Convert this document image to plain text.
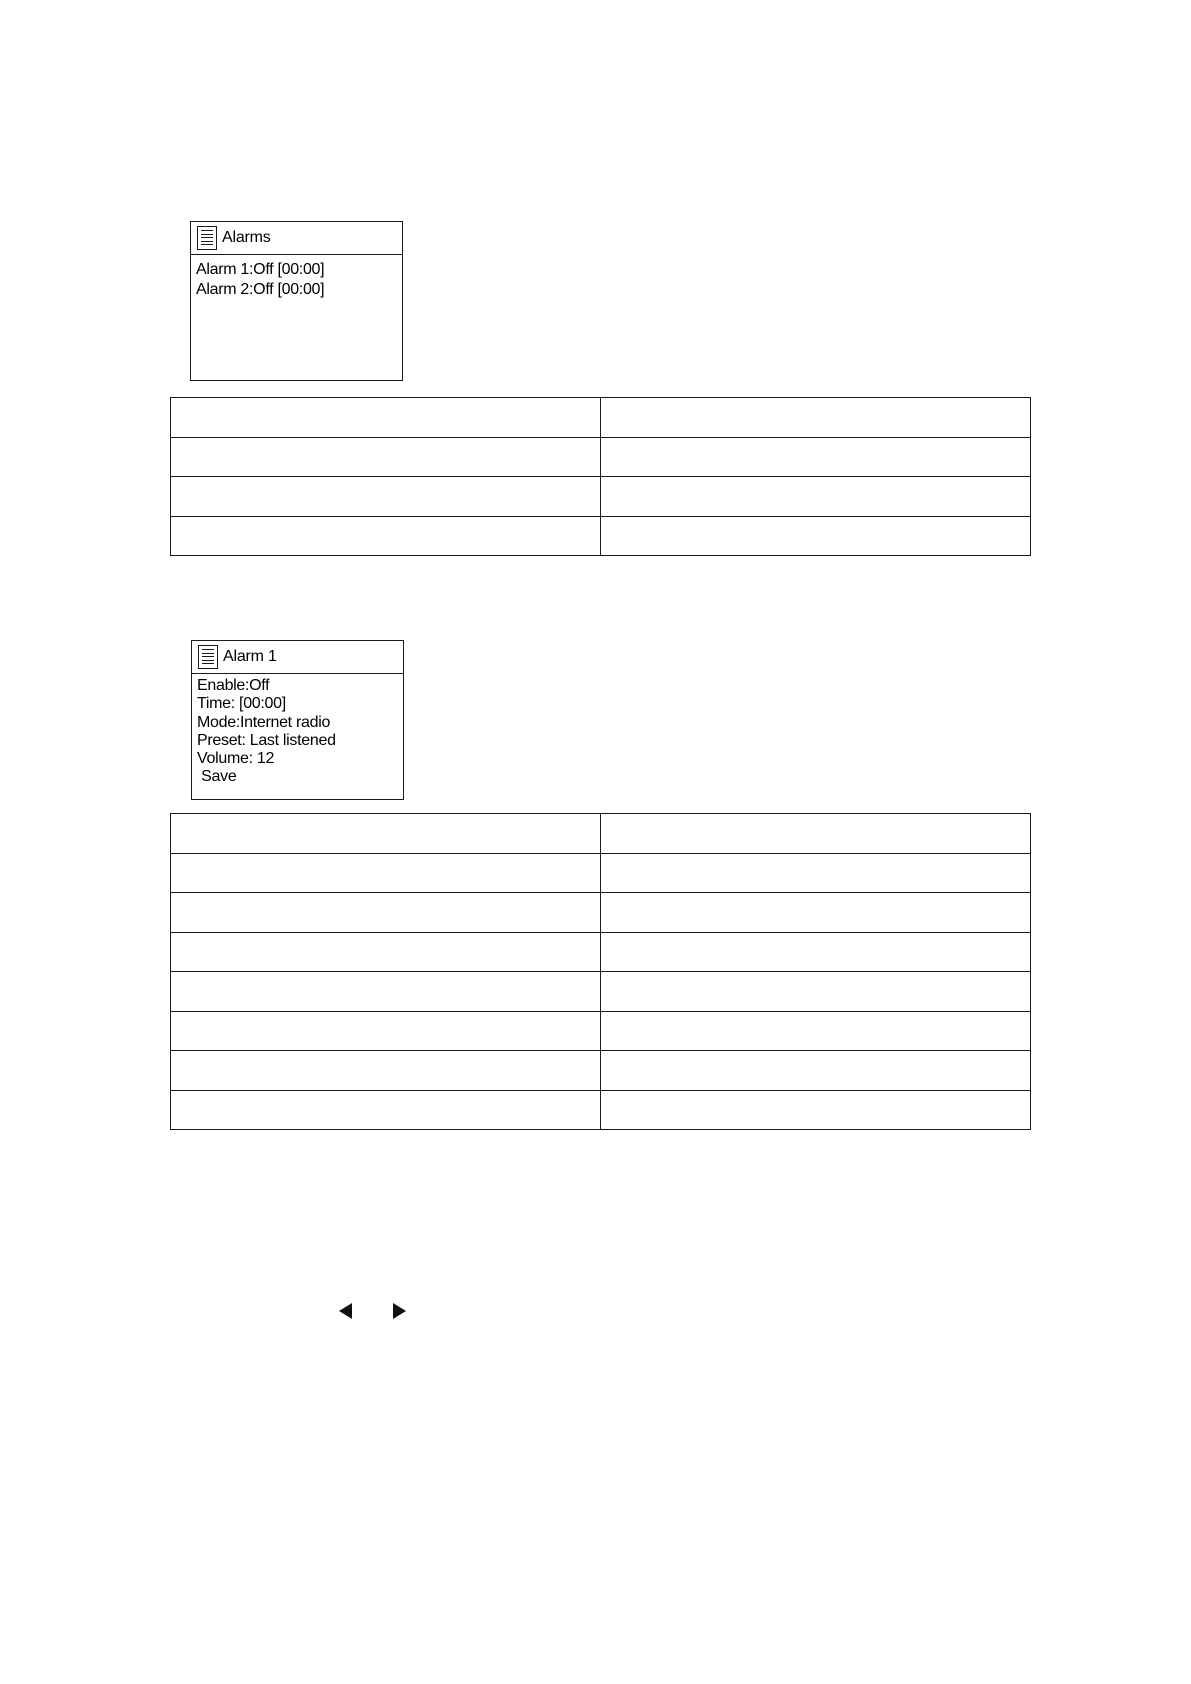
Alarms
Alarm 1:Off [00:00]
Alarm 2:Off [00:00]

Alarm 1
Enable:Off
Time: [00:00]
Mode:Internet radio
Preset: Last listened
Volume: 12
Save
